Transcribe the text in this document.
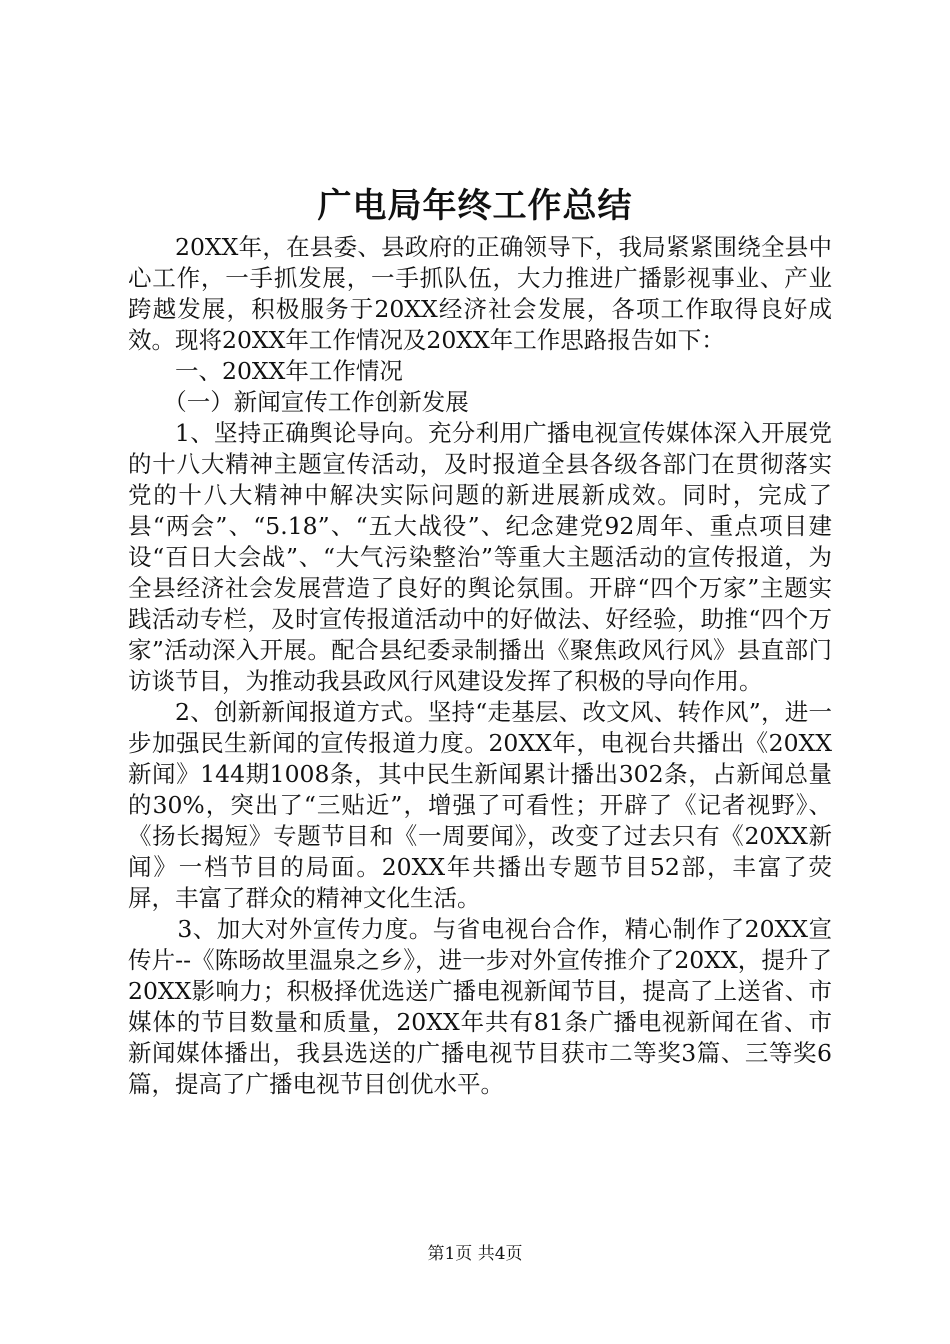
广电局年终工作总结

20XX年，在县委、县政府的正确领导下，我局紧紧围绕全县中心工作，一手抓发展，一手抓队伍，大力推进广播影视事业、产业跨越发展，积极服务于20XX经济社会发展，各项工作取得良好成效。现将20XX年工作情况及20XX年工作思路报告如下：

一、20XX年工作情况

（一）新闻宣传工作创新发展

1、坚持正确舆论导向。充分利用广播电视宣传媒体深入开展党的十八大精神主题宣传活动，及时报道全县各级各部门在贯彻落实党的十八大精神中解决实际问题的新进展新成效。同时，完成了县“两会”、“5.18”、“五大战役”、纪念建党92周年、重点项目建设“百日大会战”、“大气污染整治”等重大主题活动的宣传报道，为全县经济社会发展营造了良好的舆论氛围。开辟“四个万家”主题实践活动专栏，及时宣传报道活动中的好做法、好经验，助推“四个万家”活动深入开展。配合县纪委录制播出《聚焦政风行风》县直部门访谈节目，为推动我县政风行风建设发挥了积极的导向作用。

2、创新新闻报道方式。坚持“走基层、改文风、转作风”，进一步加强民生新闻的宣传报道力度。20XX年，电视台共播出《20XX新闻》144期1008条，其中民生新闻累计播出302条，占新闻总量的30%，突出了“三贴近”，增强了可看性；开辟了《记者视野》、《扬长揭短》专题节目和《一周要闻》，改变了过去只有《20XX新闻》一档节目的局面。20XX年共播出专题节目52部，丰富了荧屏，丰富了群众的精神文化生活。

3、加大对外宣传力度。与省电视台合作，精心制作了20XX宣传片--《陈旸故里温泉之乡》，进一步对外宣传推介了20XX，提升了20XX影响力；积极择优选送广播电视新闻节目，提高了上送省、市媒体的节目数量和质量，20XX年共有81条广播电视新闻在省、市新闻媒体播出，我县选送的广播电视节目获市二等奖3篇、三等奖6篇，提高了广播电视节目创优水平。

第1页 共4页
